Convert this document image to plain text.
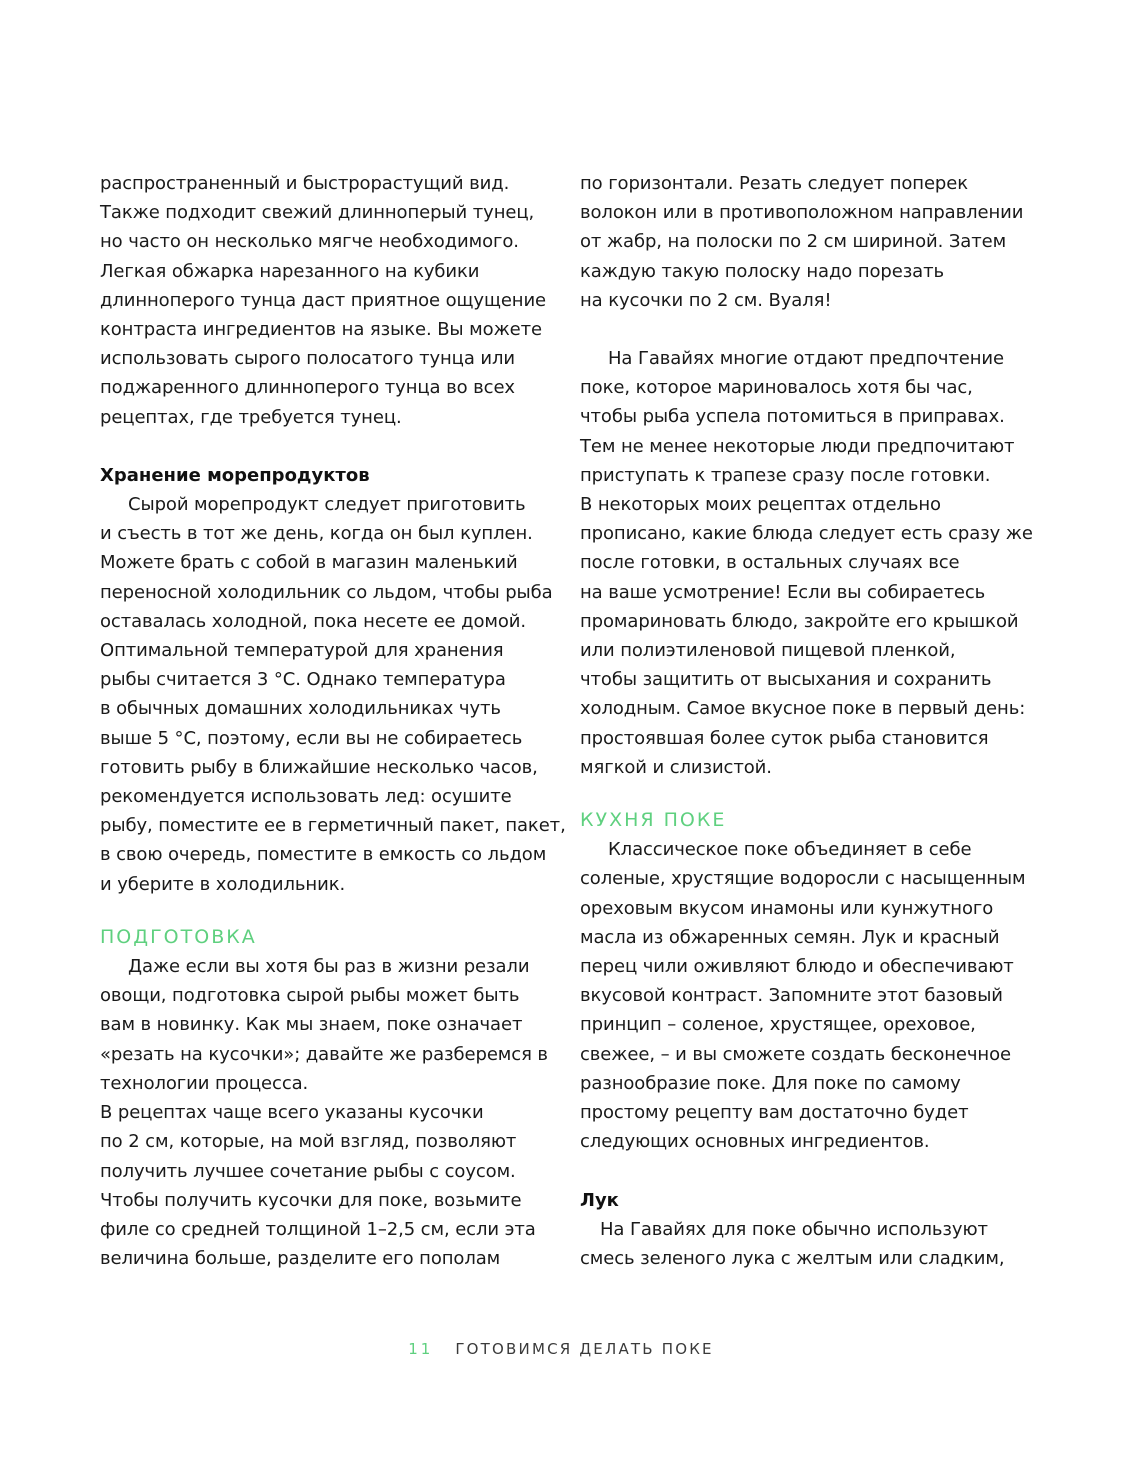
распространенный и быстрорастущий вид.
Также подходит свежий длинноперый тунец,
но часто он несколько мягче необходимого.
Легкая обжарка нарезанного на кубики
длинноперого тунца даст приятное ощущение
контраста ингредиентов на языке. Вы можете
использовать сырого полосатого тунца или
поджаренного длинноперого тунца во всех
рецептах, где требуется тунец.
Хранение морепродуктов
Сырой морепродукт следует приготовить
и съесть в тот же день, когда он был куплен.
Можете брать с собой в магазин маленький
переносной холодильник со льдом, чтобы рыба
оставалась холодной, пока несете ее домой.
Оптимальной температурой для хранения
рыбы считается 3 °C. Однако температура
в обычных домашних холодильниках чуть
выше 5 °C, поэтому, если вы не собираетесь
готовить рыбу в ближайшие несколько часов,
рекомендуется использовать лед: осушите
рыбу, поместите ее в герметичный пакет, пакет,
в свою очередь, поместите в емкость со льдом
и уберите в холодильник.
ПОДГОТОВКА
Даже если вы хотя бы раз в жизни резали
овощи, подготовка сырой рыбы может быть
вам в новинку. Как мы знаем, поке означает
«резать на кусочки»; давайте же разберемся в
технологии процесса.
В рецептах чаще всего указаны кусочки
по 2 см, которые, на мой взгляд, позволяют
получить лучшее сочетание рыбы с соусом.
Чтобы получить кусочки для поке, возьмите
филе со средней толщиной 1–2,5 см, если эта
величина больше, разделите его пополам
по горизонтали. Резать следует поперек
волокон или в противоположном направлении
от жабр, на полоски по 2 см шириной. Затем
каждую такую полоску надо порезать
на кусочки по 2 см. Вуаля!
На Гавайях многие отдают предпочтение
поке, которое мариновалось хотя бы час,
чтобы рыба успела потомиться в приправах.
Тем не менее некоторые люди предпочитают
приступать к трапезе сразу после готовки.
В некоторых моих рецептах отдельно
прописано, какие блюда следует есть сразу же
после готовки, в остальных случаях все
на ваше усмотрение! Если вы собираетесь
промариновать блюдо, закройте его крышкой
или полиэтиленовой пищевой пленкой,
чтобы защитить от высыхания и сохранить
холодным. Самое вкусное поке в первый день:
простоявшая более суток рыба становится
мягкой и слизистой.
КУХНЯ ПОКЕ
Классическое поке объединяет в себе
соленые, хрустящие водоросли с насыщенным
ореховым вкусом инамоны или кунжутного
масла из обжаренных семян. Лук и красный
перец чили оживляют блюдо и обеспечивают
вкусовой контраст. Запомните этот базовый
принцип – соленое, хрустящее, ореховое,
свежее, – и вы сможете создать бесконечное
разнообразие поке. Для поке по самому
простому рецепту вам достаточно будет
следующих основных ингредиентов.
Лук
На Гавайях для поке обычно используют
смесь зеленого лука с желтым или сладким,
11 ГОТОВИМСЯ ДЕЛАТЬ ПОКЕ
